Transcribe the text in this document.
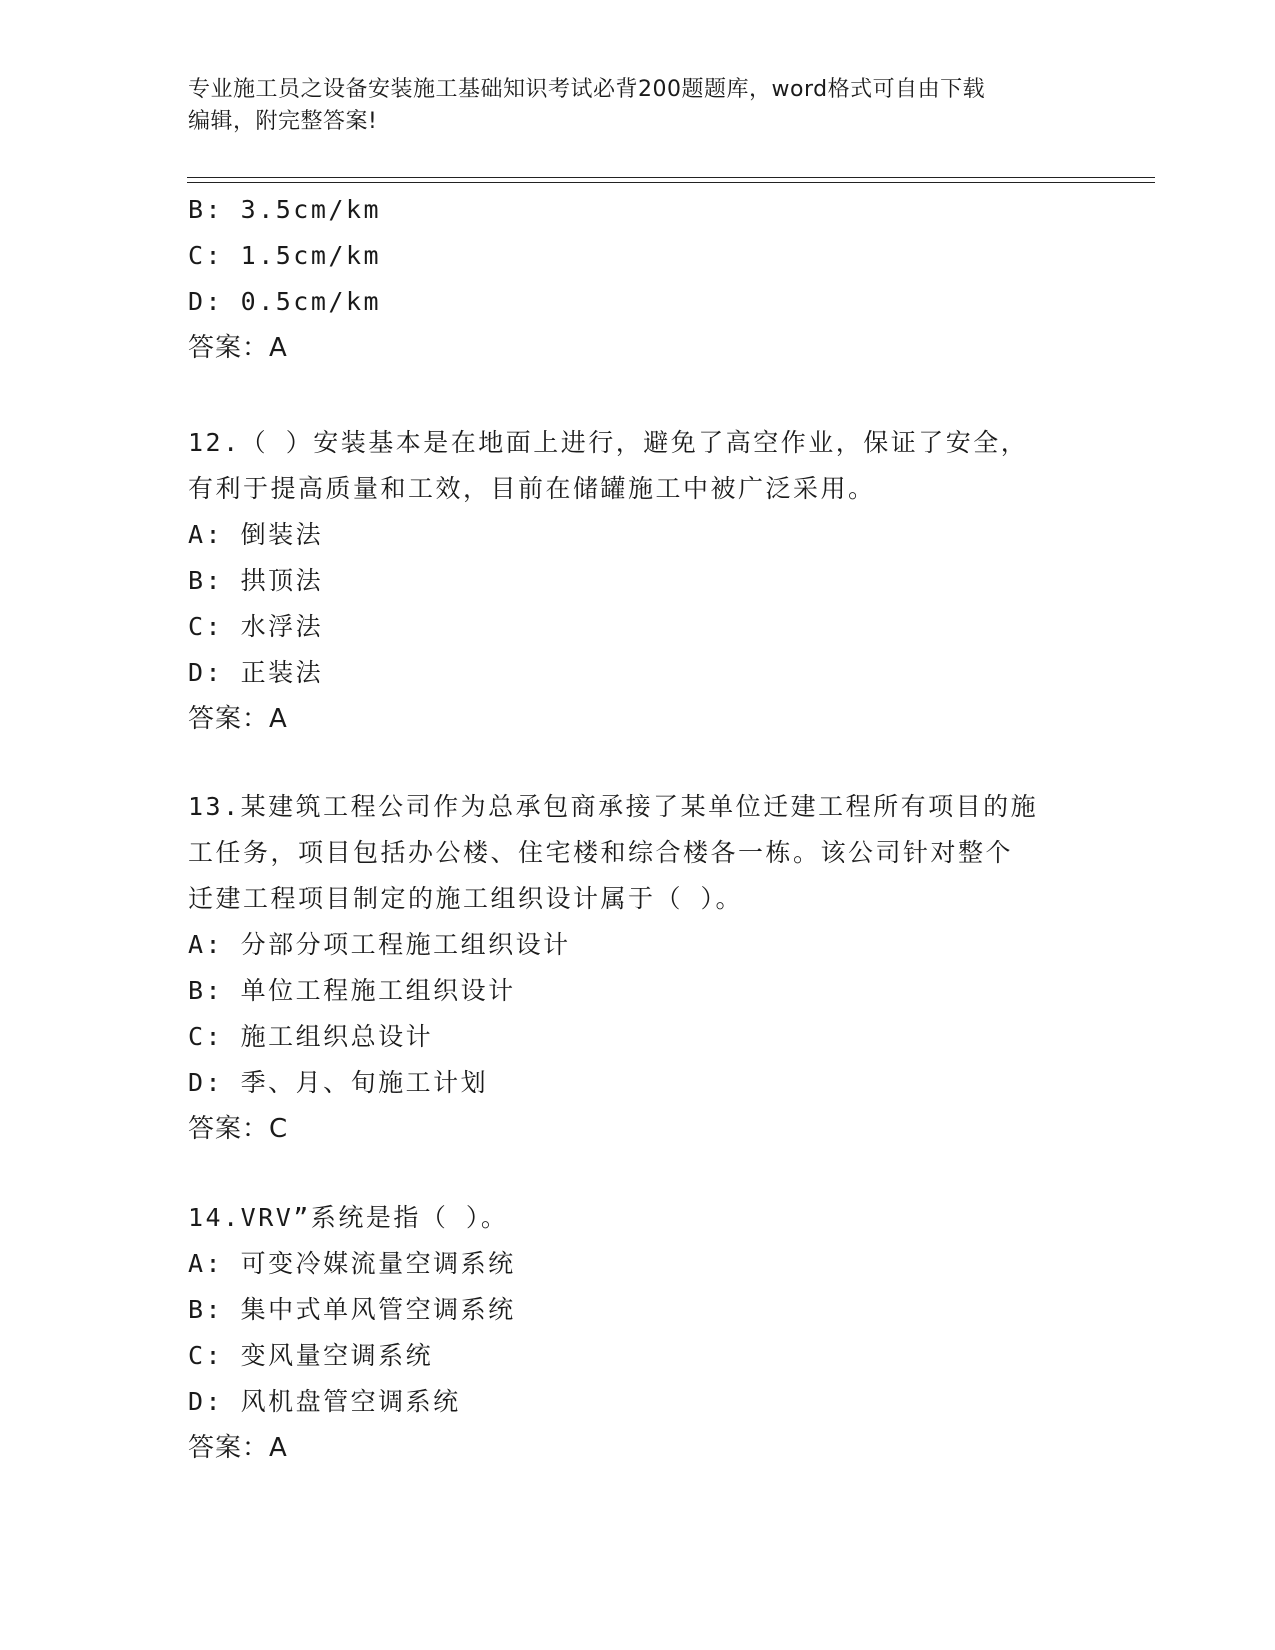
专业施工员之设备安装施工基础知识考试必背200题题库，word格式可自由下载
编辑，附完整答案!
B: 3.5cm/km
C: 1.5cm/km
D: 0.5cm/km
答案：A
12.（ ）安装基本是在地面上进行，避免了高空作业，保证了安全，
有利于提高质量和工效，目前在储罐施工中被广泛采用。
A: 倒装法
B: 拱顶法
C: 水浮法
D: 正装法
答案：A
13.某建筑工程公司作为总承包商承接了某单位迁建工程所有项目的施
工任务，项目包括办公楼、住宅楼和综合楼各一栋。该公司针对整个
迁建工程项目制定的施工组织设计属于（ ）。
A: 分部分项工程施工组织设计
B: 单位工程施工组织设计
C: 施工组织总设计
D: 季、月、旬施工计划
答案：C
14.VRV”系统是指（ ）。
A: 可变冷媒流量空调系统
B: 集中式单风管空调系统
C: 变风量空调系统
D: 风机盘管空调系统
答案：A
